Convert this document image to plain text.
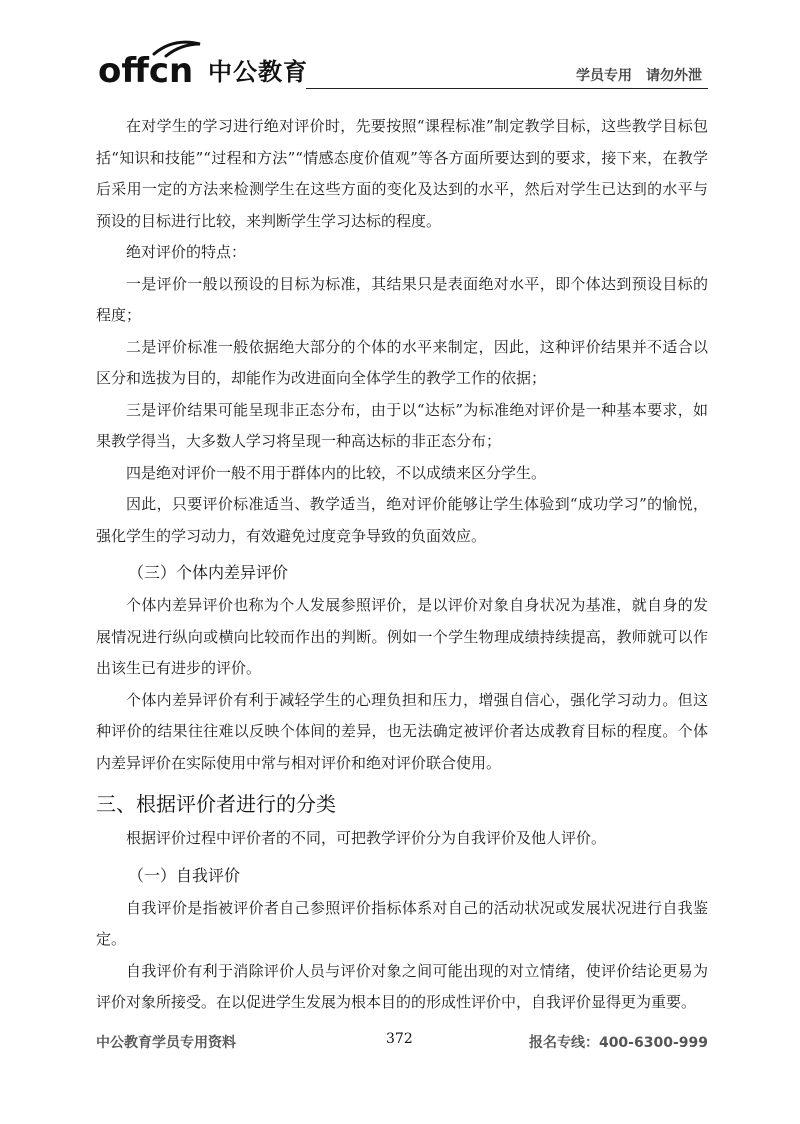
offcn 中公教育	学员专用　请勿外泄

在对学生的学习进行绝对评价时，先要按照“课程标准”制定教学目标，这些教学目标包括“知识和技能”“过程和方法”“情感态度价值观”等各方面所要达到的要求，接下来，在教学后采用一定的方法来检测学生在这些方面的变化及达到的水平，然后对学生已达到的水平与预设的目标进行比较，来判断学生学习达标的程度。

绝对评价的特点：

一是评价一般以预设的目标为标准，其结果只是表面绝对水平，即个体达到预设目标的程度；

二是评价标准一般依据绝大部分的个体的水平来制定，因此，这种评价结果并不适合以区分和选拔为目的，却能作为改进面向全体学生的教学工作的依据；

三是评价结果可能呈现非正态分布，由于以“达标”为标准绝对评价是一种基本要求，如果教学得当，大多数人学习将呈现一种高达标的非正态分布；

四是绝对评价一般不用于群体内的比较，不以成绩来区分学生。

因此，只要评价标准适当、教学适当，绝对评价能够让学生体验到“成功学习”的愉悦，强化学生的学习动力，有效避免过度竞争导致的负面效应。

（三）个体内差异评价

个体内差异评价也称为个人发展参照评价，是以评价对象自身状况为基准，就自身的发展情况进行纵向或横向比较而作出的判断。例如一个学生物理成绩持续提高，教师就可以作出该生已有进步的评价。

个体内差异评价有利于减轻学生的心理负担和压力，增强自信心，强化学习动力。但这种评价的结果往往难以反映个体间的差异，也无法确定被评价者达成教育目标的程度。个体内差异评价在实际使用中常与相对评价和绝对评价联合使用。

三、根据评价者进行的分类

根据评价过程中评价者的不同，可把教学评价分为自我评价及他人评价。

（一）自我评价

自我评价是指被评价者自己参照评价指标体系对自己的活动状况或发展状况进行自我鉴定。

自我评价有利于消除评价人员与评价对象之间可能出现的对立情绪，使评价结论更易为评价对象所接受。在以促进学生发展为根本目的的形成性评价中，自我评价显得更为重要。

中公教育学员专用资料	372	报名专线：400-6300-999
